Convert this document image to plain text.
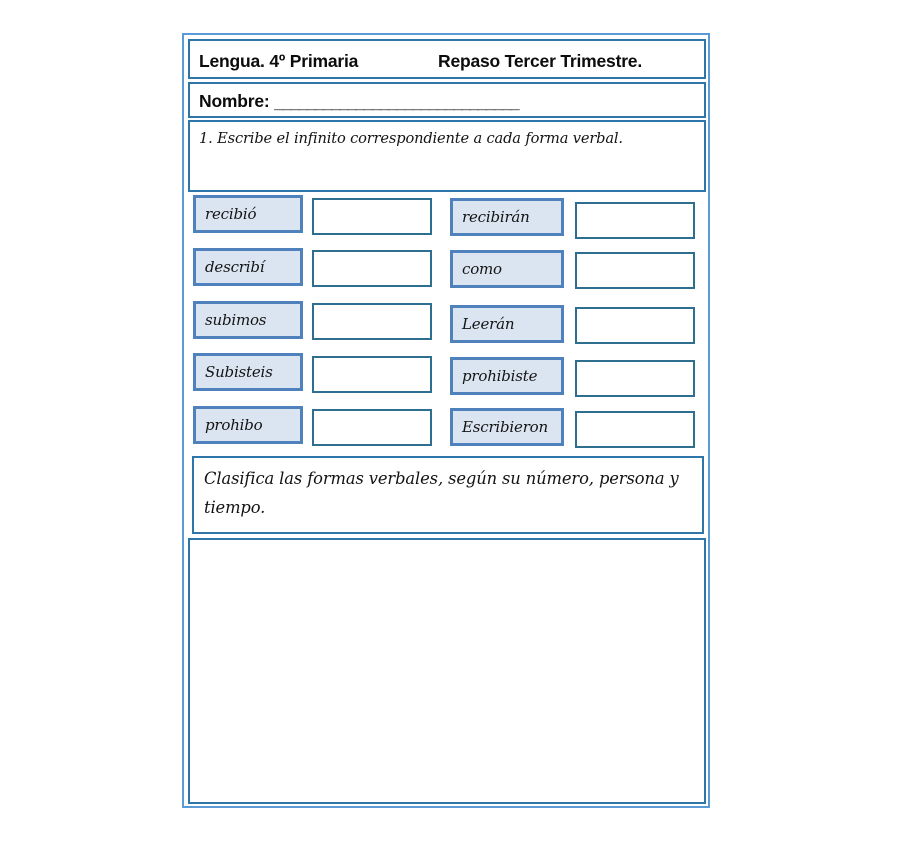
Lengua. 4º Primaria	Repaso Tercer Trimestre.
Nombre: ______________________________
1. Escribe el infinito correspondiente a cada forma verbal.
recibió	recibirán
describí	como
subimos	Leerán
Subisteis	prohibiste
prohibo	Escribieron
Clasifica las formas verbales, según su número, persona y tiempo.
